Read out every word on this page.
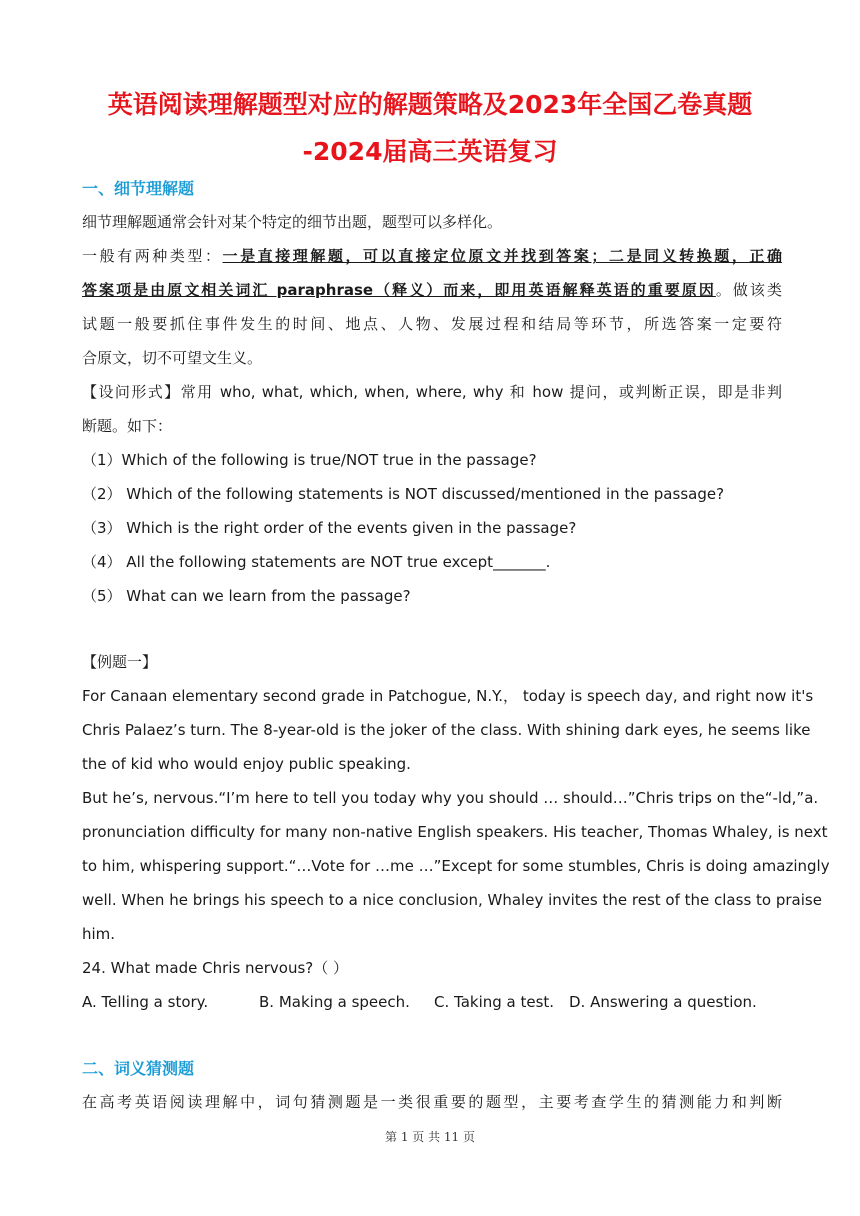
英语阅读理解题型对应的解题策略及2023年全国乙卷真题
-2024届高三英语复习
一、细节理解题
细节理解题通常会针对某个特定的细节出题，题型可以多样化。
一般有两种类型：一是直接理解题，可以直接定位原文并找到答案；二是同义转换题，正确
答案项是由原文相关词汇 paraphrase（释义）而来，即用英语解释英语的重要原因。做该类
试题一般要抓住事件发生的时间、地点、人物、发展过程和结局等环节，所选答案一定要符
合原文，切不可望文生义。
【设问形式】常用 who, what, which, when, where, why 和 how 提问，或判断正误，即是非判
断题。如下：
（1）Which of the following is true/NOT true in the passage?
（2） Which of the following statements is NOT discussed/mentioned in the passage?
（3） Which is the right order of the events given in the passage?
（4） All the following statements are NOT true except_______.
（5） What can we learn from the passage?
【例题一】
For Canaan elementary second grade in Patchogue, N.Y.， today is speech day, and right now it's
Chris Palaez’s turn. The 8-year-old is the joker of the class. With shining dark eyes, he seems like
the of kid who would enjoy public speaking.
But he’s, nervous.“I’m here to tell you today why you should … should…”Chris trips on the“-ld,”a.
pronunciation difficulty for many non-native English speakers. His teacher, Thomas Whaley, is next
to him, whispering support.“…Vote for …me …”Except for some stumbles, Chris is doing amazingly
well. When he brings his speech to a nice conclusion, Whaley invites the rest of the class to praise
him.
24. What made Chris nervous?（ ）
A. Telling a story.	B. Making a speech. C. Taking a test. D. Answering a question.
二、词义猜测题
在高考英语阅读理解中，词句猜测题是一类很重要的题型，主要考查学生的猜测能力和判断
第 1 页 共 11 页
